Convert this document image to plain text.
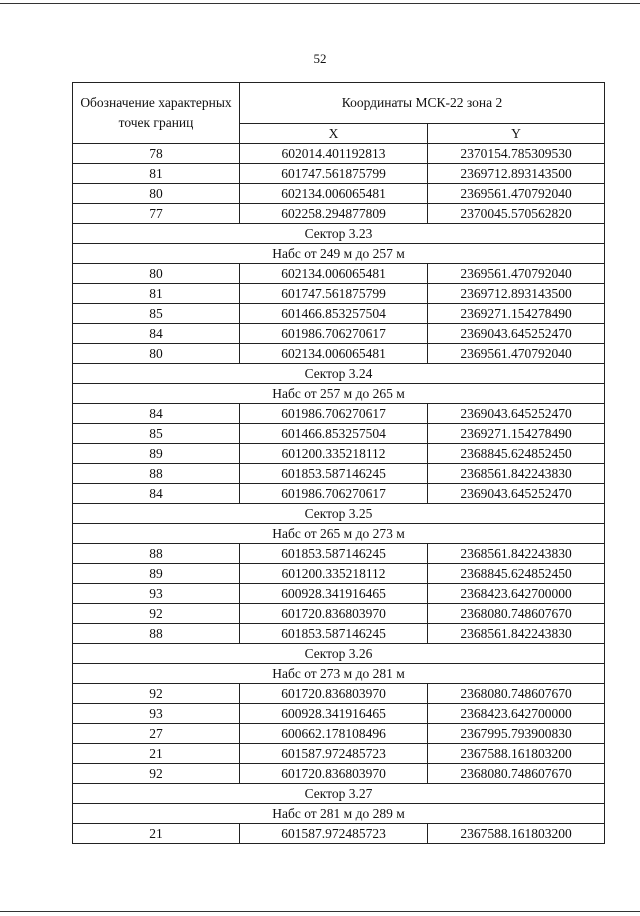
52
Обозначение характерных точек границ	Координаты МСК-22 зона 2	
	X	Y
78	602014.401192813	2370154.785309530
81	601747.561875799	2369712.893143500
80	602134.006065481	2369561.470792040
77	602258.294877809	2370045.570562820
Сектор 3.23		
Набс от 249 м до 257 м		
80	602134.006065481	2369561.470792040
81	601747.561875799	2369712.893143500
85	601466.853257504	2369271.154278490
84	601986.706270617	2369043.645252470
80	602134.006065481	2369561.470792040
Сектор 3.24		
Набс от 257 м до 265 м		
84	601986.706270617	2369043.645252470
85	601466.853257504	2369271.154278490
89	601200.335218112	2368845.624852450
88	601853.587146245	2368561.842243830
84	601986.706270617	2369043.645252470
Сектор 3.25		
Набс от 265 м до 273 м		
88	601853.587146245	2368561.842243830
89	601200.335218112	2368845.624852450
93	600928.341916465	2368423.642700000
92	601720.836803970	2368080.748607670
88	601853.587146245	2368561.842243830
Сектор 3.26		
Набс от 273 м до 281 м		
92	601720.836803970	2368080.748607670
93	600928.341916465	2368423.642700000
27	600662.178108496	2367995.793900830
21	601587.972485723	2367588.161803200
92	601720.836803970	2368080.748607670
Сектор 3.27		
Набс от 281 м до 289 м		
21	601587.972485723	2367588.161803200
